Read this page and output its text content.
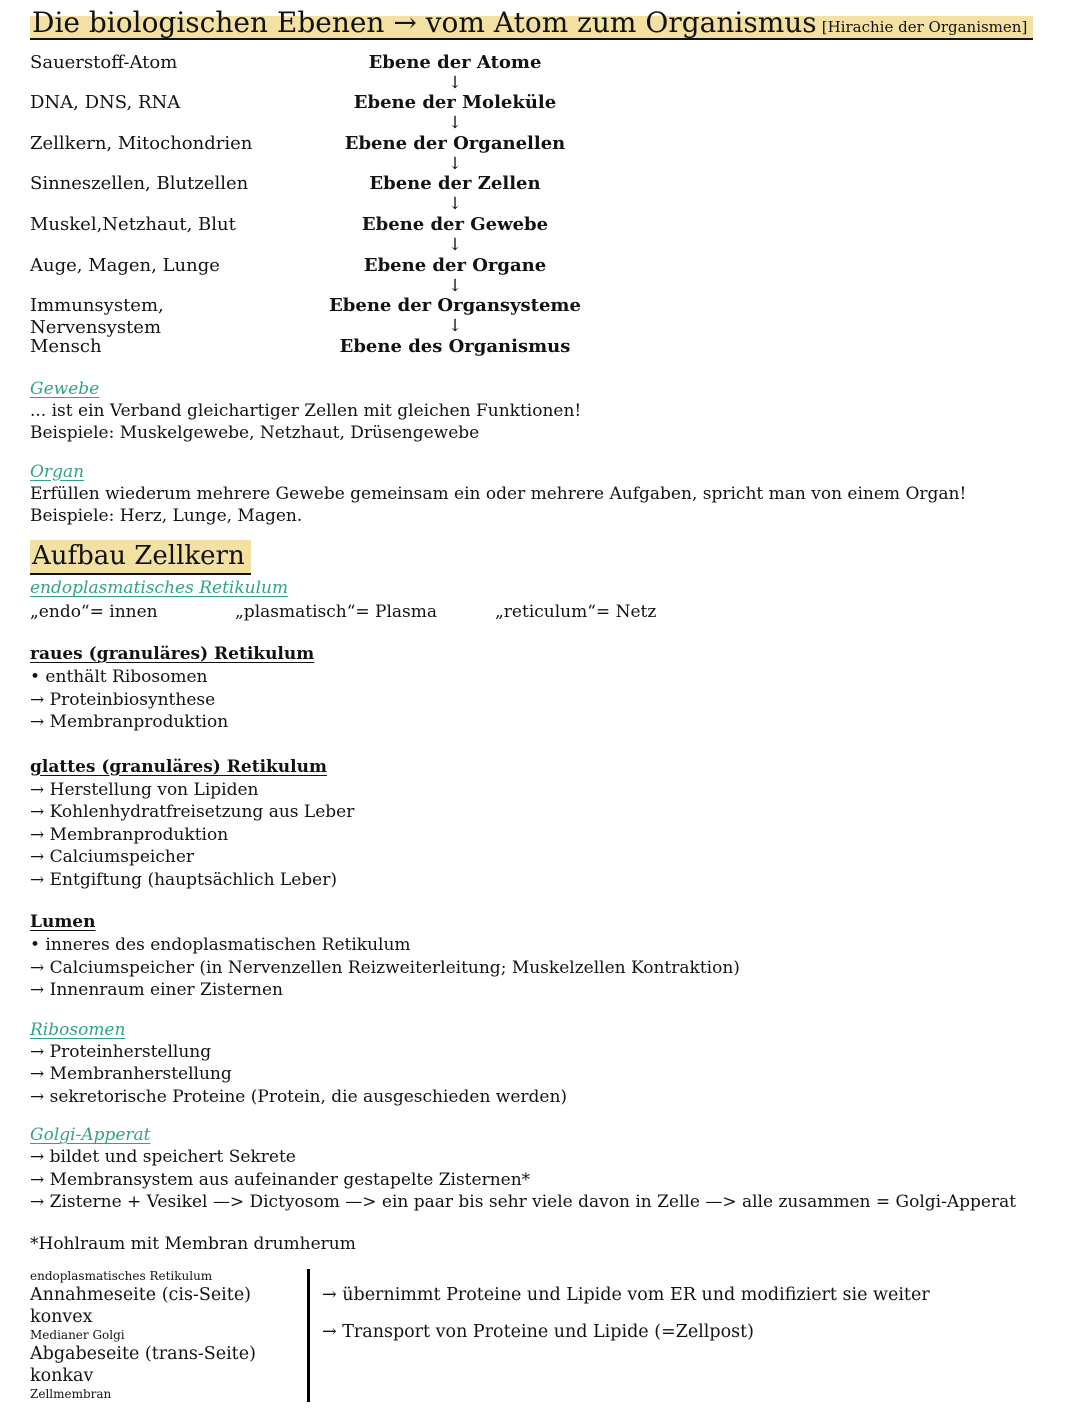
Die biologischen Ebenen → vom Atom zum Organismus [Hirachie der Organismen]
Sauerstoff-Atom	Ebene der Atome
↓
DNA, DNS, RNA	Ebene der Moleküle
↓
Zellkern, Mitochondrien	Ebene der Organellen
↓
Sinneszellen, Blutzellen	Ebene der Zellen
↓
Muskel,Netzhaut, Blut	Ebene der Gewebe
↓
Auge, Magen, Lunge	Ebene der Organe
↓
Immunsystem, Nervensystem
Ebene der Organsysteme
↓
Mensch	Ebene des Organismus
Gewebe
... ist ein Verband gleichartiger Zellen mit gleichen Funktionen!
Beispiele: Muskelgewebe, Netzhaut, Drüsengewebe
Organ
Erfüllen wiederum mehrere Gewebe gemeinsam ein oder mehrere Aufgaben, spricht man von einem Organ!
Beispiele: Herz, Lunge, Magen.
Aufbau Zellkern
endoplasmatisches Retikulum
„endo“= innen	„plasmatisch“= Plasma	„reticulum“= Netz
raues (granuläres) Retikulum
• enthält Ribosomen
→ Proteinbiosynthese
→ Membranproduktion
glattes (granuläres) Retikulum
→ Herstellung von Lipiden
→ Kohlenhydratfreisetzung aus Leber
→ Membranproduktion
→ Calciumspeicher
→ Entgiftung (hauptsächlich Leber)
Lumen
• inneres des endoplasmatischen Retikulum
→ Calciumspeicher (in Nervenzellen Reizweiterleitung; Muskelzellen Kontraktion)
→ Innenraum einer Zisternen
Ribosomen
→ Proteinherstellung
→ Membranherstellung
→ sekretorische Proteine (Protein, die ausgeschieden werden)
Golgi-Apperat
→ bildet und speichert Sekrete
→ Membransystem aus aufeinander gestapelte Zisternen*
→ Zisterne + Vesikel —> Dictyosom —> ein paar bis sehr viele davon in Zelle —> alle zusammen = Golgi-Apperat
*Hohlraum mit Membran drumherum
endoplasmatisches Retikulum
Annahmeseite (cis-Seite) konvex
Medianer Golgi
Abgabeseite (trans-Seite) konkav
Zellmembran
→ übernimmt Proteine und Lipide vom ER und modifiziert sie weiter
→ Transport von Proteine und Lipide (=Zellpost)
